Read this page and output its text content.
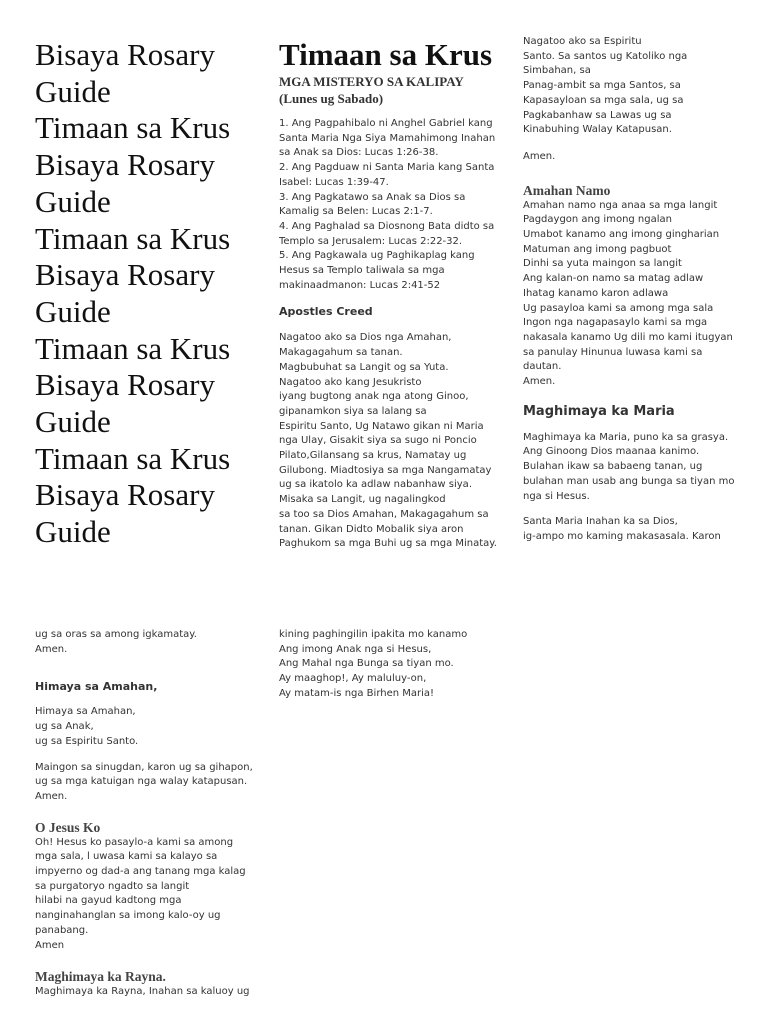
Bisaya Rosary
Guide
Timaan sa Krus
Bisaya Rosary
Guide
Timaan sa Krus
Bisaya Rosary
Guide
Timaan sa Krus
Bisaya Rosary
Guide
Timaan sa Krus
Bisaya Rosary
Guide
Timaan sa Krus
MGA MISTERYO SA KALIPAY
(Lunes ug Sabado)
1. Ang Pagpahibalo ni Anghel Gabriel kang
Santa Maria Nga Siya Mamahimong Inahan
sa Anak sa Dios: Lucas 1:26-38.
2. Ang Pagduaw ni Santa Maria kang Santa
Isabel: Lucas 1:39-47.
3. Ang Pagkatawo sa Anak sa Dios sa
Kamalig sa Belen: Lucas 2:1-7.
4. Ang Paghalad sa Diosnong Bata didto sa
Templo sa Jerusalem: Lucas 2:22-32.
5. Ang Pagkawala ug Paghikaplag kang
Hesus sa Templo taliwala sa mga
makinaadmanon: Lucas 2:41-52
Apostles Creed
Nagatoo ako sa Dios nga Amahan,
Makagagahum sa tanan.
Magbubuhat sa Langit og sa Yuta.
Nagatoo ako kang Jesukristo
iyang bugtong anak nga atong Ginoo,
gipanamkon siya sa lalang sa
Espiritu Santo, Ug Natawo gikan ni Maria
nga Ulay, Gisakit siya sa sugo ni Poncio
Pilato,Gilansang sa krus, Namatay ug
Gilubong. Miadtosiya sa mga Nangamatay
ug sa ikatolo ka adlaw nabanhaw siya.
Misaka sa Langit, ug nagalingkod
sa too sa Dios Amahan, Makagagahum sa
tanan. Gikan Didto Mobalik siya aron
Paghukom sa mga Buhi ug sa mga Minatay.
Nagatoo ako sa Espiritu
Santo. Sa santos ug Katoliko nga
Simbahan, sa
Panag-ambit sa mga Santos, sa
Kapasayloan sa mga sala, ug sa
Pagkabanhaw sa Lawas ug sa
Kinabuhing Walay Katapusan.
Amen.
Amahan Namo
Amahan namo nga anaa sa mga langit
Pagdaygon ang imong ngalan
Umabot kanamo ang imong gingharian
Matuman ang imong pagbuot
Dinhi sa yuta maingon sa langit
Ang kalan-on namo sa matag adlaw
Ihatag kanamo karon adlawa
Ug pasayloa kami sa among mga sala
Ingon nga nagapasaylo kami sa mga
nakasala kanamo Ug dili mo kami itugyan
sa panulay Hinunua luwasa kami sa
dautan.
Amen.
Maghimaya ka Maria
Maghimaya ka Maria, puno ka sa grasya.
Ang Ginoong Dios maanaa kanimo.
Bulahan ikaw sa babaeng tanan, ug
bulahan man usab ang bunga sa tiyan mo
nga si Hesus.
Santa Maria Inahan ka sa Dios,
ig-ampo mo kaming makasasala. Karon
ug sa oras sa among igkamatay.
Amen.
Himaya sa Amahan,
Himaya sa Amahan,
ug sa Anak,
ug sa Espiritu Santo.
Maingon sa sinugdan, karon ug sa gihapon,
ug sa mga katuigan nga walay katapusan.
Amen.
O Jesus Ko
Oh! Hesus ko pasaylo-a kami sa among
mga sala, l uwasa kami sa kalayo sa
impyerno og dad-a ang tanang mga kalag
sa purgatoryo ngadto sa langit
hilabi na gayud kadtong mga
nanginahanglan sa imong kalo-oy ug
panabang.
Amen
Maghimaya ka Rayna.
Maghimaya ka Rayna, Inahan sa kaluoy ug
kining paghingilin ipakita mo kanamo
Ang imong Anak nga si Hesus,
Ang Mahal nga Bunga sa tiyan mo.
Ay maaghop!, Ay maluluy-on,
Ay matam-is nga Birhen Maria!
